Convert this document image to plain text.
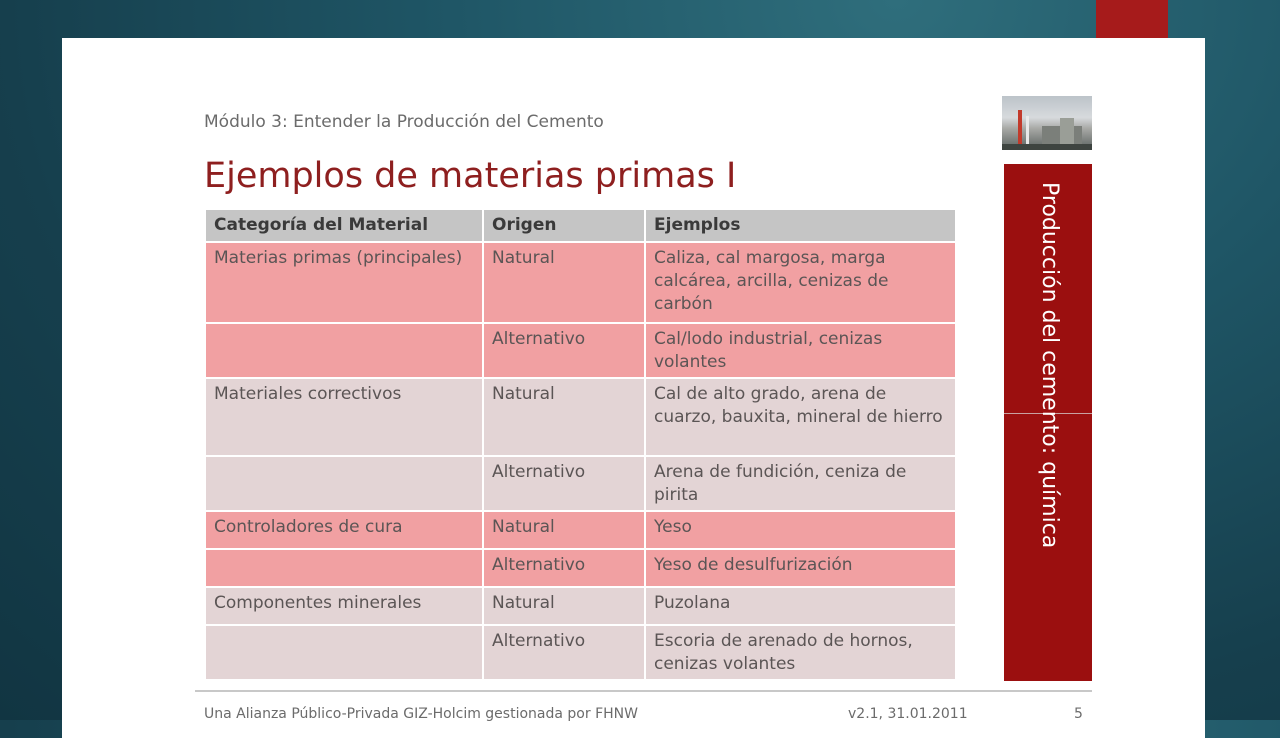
Módulo 3: Entender la Producción del Cemento
Ejemplos de materias primas I
Producción del cemento: química
Categoría del Material	Origen	Ejemplos
Materias primas (principales)	Natural	Caliza, cal margosa, marga calcárea, arcilla, cenizas de carbón
	Alternativo	Cal/lodo industrial, cenizas volantes
Materiales correctivos	Natural	Cal de alto grado, arena de cuarzo, bauxita, mineral de hierro
	Alternativo	Arena de fundición, ceniza de pirita
Controladores de cura	Natural	Yeso
	Alternativo	Yeso de desulfurización
Componentes minerales	Natural	Puzolana
	Alternativo	Escoria de arenado de hornos, cenizas volantes
Una Alianza Público-Privada GIZ-Holcim gestionada por FHNW	v2.1, 31.01.2011	5
